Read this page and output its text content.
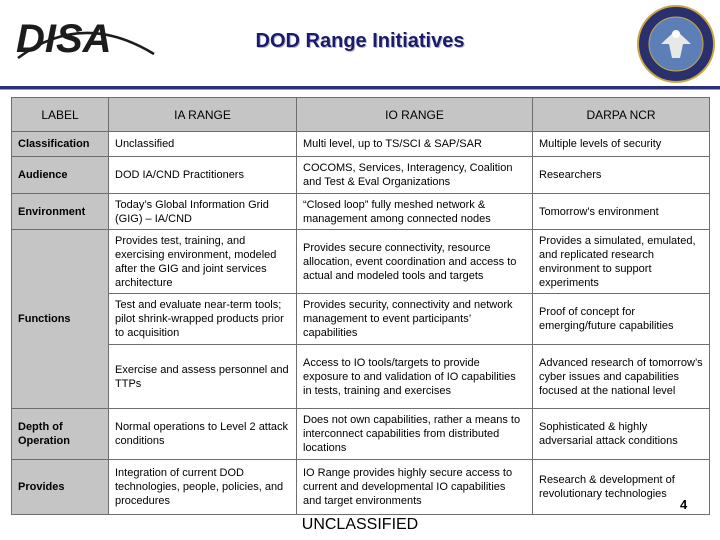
DISA	DOD Range Initiatives
LABEL	IA RANGE	IO RANGE	DARPA NCR
Classification	Unclassified	Multi level, up to TS/SCI & SAP/SAR	Multiple levels of security
Audience	DOD IA/CND Practitioners	COCOMS, Services, Interagency, Coalition and Test & Eval Organizations	Researchers
Environment	Today’s Global Information Grid (GIG) – IA/CND	“Closed loop” fully meshed network & management among connected nodes	Tomorrow’s environment
Functions	Provides test, training, and exercising environment, modeled after the GIG and joint services architecture	Provides secure connectivity, resource allocation, event coordination and access to actual and modeled tools and targets	Provides a simulated, emulated, and replicated research environment to support experiments
	Test and evaluate near-term tools; pilot shrink-wrapped products prior to acquisition	Provides security, connectivity and network management to event participants’ capabilities	Proof of concept for emerging/future capabilities
	Exercise and assess personnel and TTPs	Access to IO tools/targets to provide exposure to and validation of IO capabilities in tests, training and exercises	Advanced research of tomorrow’s cyber issues and capabilities focused at the national level
Depth of Operation	Normal operations to Level 2 attack conditions	Does not own capabilities, rather a means to interconnect capabilities from distributed locations	Sophisticated & highly adversarial attack conditions
Provides	Integration of current DOD technologies, people, policies, and procedures	IO Range provides highly secure access to current and developmental IO capabilities and target environments	Research & development of revolutionary technologies
4
UNCLASSIFIED
